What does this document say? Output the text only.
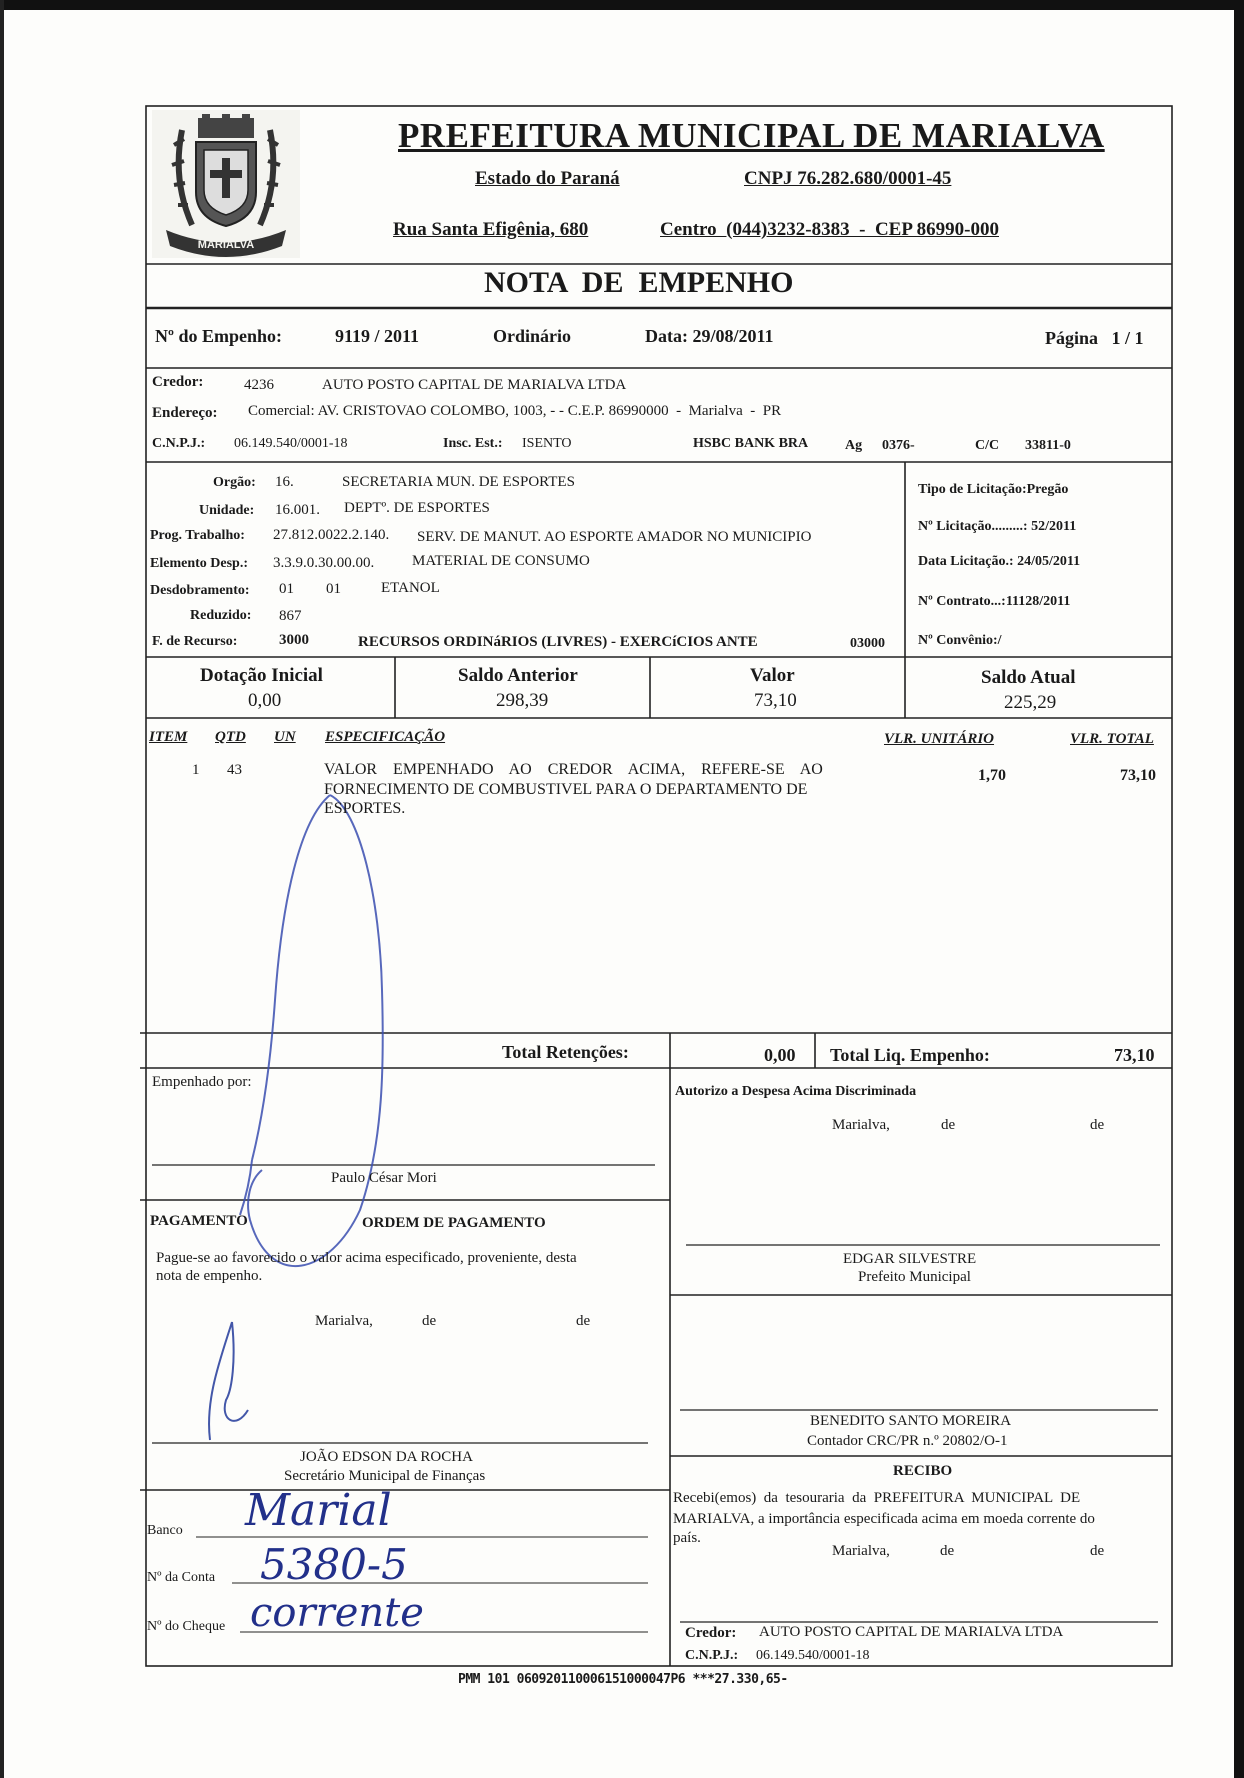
MARIALVA
PREFEITURA MUNICIPAL DE MARIALVA
Estado do Paraná	CNPJ 76.282.680/0001-45
Rua Santa Efigênia, 680	Centro  (044)3232-8383  -  CEP 86990-000
NOTA  DE  EMPENHO
Nº do Empenho:	9119 / 2011	Ordinário	Data: 29/08/2011	Página   1 / 1
Credor:	4236	AUTO POSTO CAPITAL DE MARIALVA LTDA
Endereço: Comercial: AV. CRISTOVAO COLOMBO, 1003, - - C.E.P. 86990000  -  Marialva  -  PR
C.N.P.J.: 06.149.540/0001-18	Insc. Est.: ISENTO	HSBC BANK BRA	Ag 0376-	C/C 33811-0
Orgão: 16.	SECRETARIA MUN. DE ESPORTES
Unidade: 16.001. DEPTº. DE ESPORTES
Prog. Trabalho: 27.812.0022.2.140. SERV. DE MANUT. AO ESPORTE AMADOR NO MUNICIPIO
Elemento Desp.: 3.3.9.0.30.00.00.	MATERIAL DE CONSUMO
Desdobramento: 01 01	ETANOL
Reduzido: 867
F. de Recurso:	3000	RECURSOS ORDINáRIOS (LIVRES) - EXERCíCIOS ANTE	03000
Tipo de Licitação:Pregão
Nº Licitação.........: 52/2011
Data Licitação.: 24/05/2011
Nº Contrato...:11128/2011
Nº Convênio:/
Dotação Inicial
0,00
Saldo Anterior
298,39
Valor
73,10
Saldo Atual
225,29
ITEM QTD UN ESPECIFICAÇÃO	VLR. UNITÁRIO	VLR. TOTAL
1 43	VALOR    EMPENHADO    AO    CREDOR    ACIMA,    REFERE-SE    AO
FORNECIMENTO DE COMBUSTIVEL PARA O DEPARTAMENTO DE
ESPORTES.
1,70	73,10
Total Retenções:	0,00 Total Liq. Empenho:	73,10
Empenhado por:
Paulo César Mori
Autorizo a Despesa Acima Discriminada
Marialva,	de	de
PAGAMENTO	ORDEM DE PAGAMENTO
Pague-se ao favorecido o valor acima especificado, proveniente, desta
nota de empenho.
Marialva,	de	de
JOÃO EDSON DA ROCHA
Secretário Municipal de Finanças
EDGAR SILVESTRE
Prefeito Municipal
BENEDITO SANTO MOREIRA
Contador CRC/PR n.º 20802/O-1
RECIBO
Recebi(emos)  da  tesouraria  da  PREFEITURA  MUNICIPAL  DE
MARIALVA, a importância especificada acima em moeda corrente do
país.
Marialva,	de	de
Credor: AUTO POSTO CAPITAL DE MARIALVA LTDA
C.N.P.J.: 06.149.540/0001-18
Banco Marial
Nº da Conta 5380-5
Nº do Cheque corrente
PMM 101 060920110006151000047P6 ***27.330,65-
